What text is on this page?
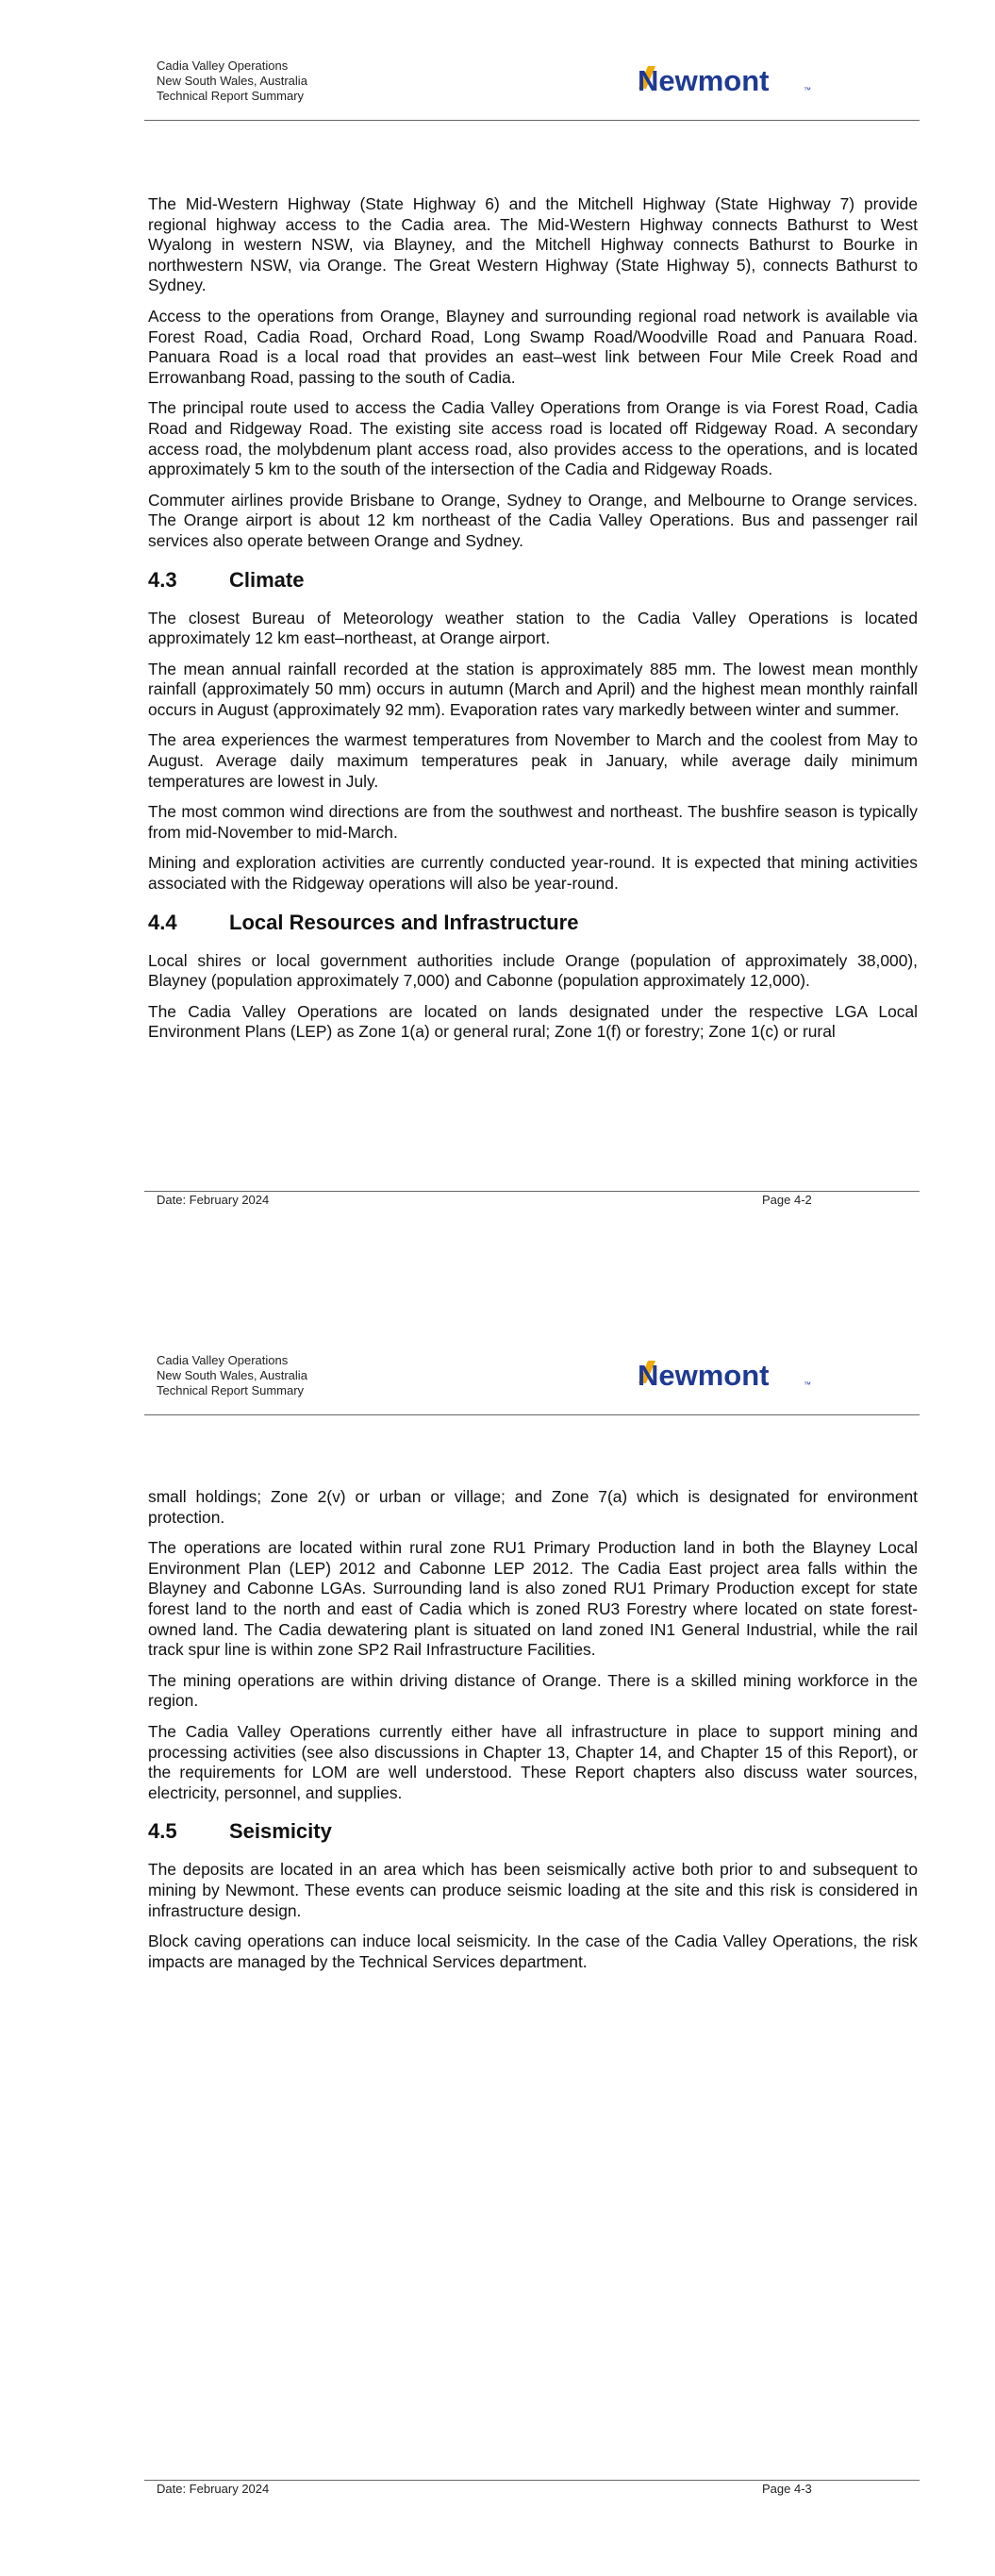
Cadia Valley Operations
New South Wales, Australia
Technical Report Summary	Newmont	™

The Mid-Western Highway (State Highway 6) and the Mitchell Highway (State Highway 7) provide regional highway access to the Cadia area. The Mid-Western Highway connects Bathurst to West Wyalong in western NSW, via Blayney, and the Mitchell Highway connects Bathurst to Bourke in northwestern NSW, via Orange. The Great Western Highway (State Highway 5), connects Bathurst to Sydney.

Access to the operations from Orange, Blayney and surrounding regional road network is available via Forest Road, Cadia Road, Orchard Road, Long Swamp Road/Woodville Road and Panuara Road. Panuara Road is a local road that provides an east–west link between Four Mile Creek Road and Errowanbang Road, passing to the south of Cadia.

The principal route used to access the Cadia Valley Operations from Orange is via Forest Road, Cadia Road and Ridgeway Road. The existing site access road is located off Ridgeway Road. A secondary access road, the molybdenum plant access road, also provides access to the operations, and is located approximately 5 km to the south of the intersection of the Cadia and Ridgeway Roads.

Commuter airlines provide Brisbane to Orange, Sydney to Orange, and Melbourne to Orange services. The Orange airport is about 12 km northeast of the Cadia Valley Operations. Bus and passenger rail services also operate between Orange and Sydney.

4.3	Climate

The closest Bureau of Meteorology weather station to the Cadia Valley Operations is located approximately 12 km east–northeast, at Orange airport.

The mean annual rainfall recorded at the station is approximately 885 mm. The lowest mean monthly rainfall (approximately 50 mm) occurs in autumn (March and April) and the highest mean monthly rainfall occurs in August (approximately 92 mm). Evaporation rates vary markedly between winter and summer.

The area experiences the warmest temperatures from November to March and the coolest from May to August. Average daily maximum temperatures peak in January, while average daily minimum temperatures are lowest in July.

The most common wind directions are from the southwest and northeast. The bushfire season is typically from mid-November to mid-March.

Mining and exploration activities are currently conducted year-round. It is expected that mining activities associated with the Ridgeway operations will also be year-round.

4.4	Local Resources and Infrastructure

Local shires or local government authorities include Orange (population of approximately 38,000), Blayney (population approximately 7,000) and Cabonne (population approximately 12,000).

The Cadia Valley Operations are located on lands designated under the respective LGA Local Environment Plans (LEP) as Zone 1(a) or general rural; Zone 1(f) or forestry; Zone 1(c) or rural

Date: February 2024	Page 4-2
Cadia Valley Operations
New South Wales, Australia
Technical Report Summary	Newmont	™

small holdings; Zone 2(v) or urban or village; and Zone 7(a) which is designated for environment protection.

The operations are located within rural zone RU1 Primary Production land in both the Blayney Local Environment Plan (LEP) 2012 and Cabonne LEP 2012. The Cadia East project area falls within the Blayney and Cabonne LGAs. Surrounding land is also zoned RU1 Primary Production except for state forest land to the north and east of Cadia which is zoned RU3 Forestry where located on state forest-owned land. The Cadia dewatering plant is situated on land zoned IN1 General Industrial, while the rail track spur line is within zone SP2 Rail Infrastructure Facilities.

The mining operations are within driving distance of Orange. There is a skilled mining workforce in the region.

The Cadia Valley Operations currently either have all infrastructure in place to support mining and processing activities (see also discussions in Chapter 13, Chapter 14, and Chapter 15 of this Report), or the requirements for LOM are well understood. These Report chapters also discuss water sources, electricity, personnel, and supplies.

4.5	Seismicity

The deposits are located in an area which has been seismically active both prior to and subsequent to mining by Newmont. These events can produce seismic loading at the site and this risk is considered in infrastructure design.

Block caving operations can induce local seismicity. In the case of the Cadia Valley Operations, the risk impacts are managed by the Technical Services department.

Date: February 2024	Page 4-3
